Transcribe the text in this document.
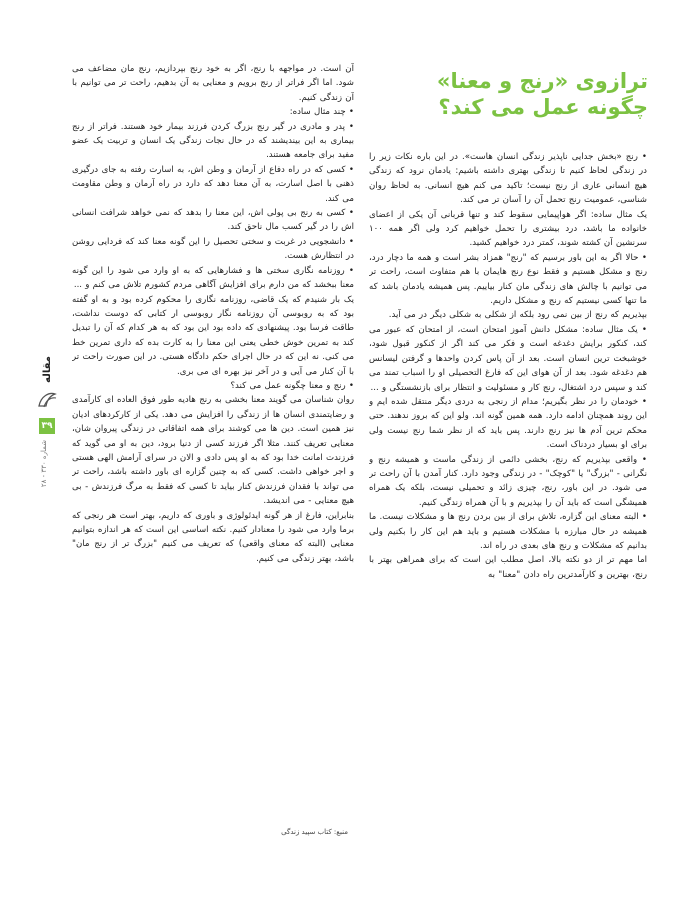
ترازوی «رنج و معنا»
چگونه عمل می کند؟

• رنج «بخش جدایی ناپذیر زندگی انسان هاست». در این باره نکات زیر را در زندگی لحاظ کنیم تا زندگی بهتری داشته باشیم: یادمان نرود که زندگی هیچ انسانی عاری از رنج نیست؛ تاکید می کنم هیچ انسانی. به لحاظ روان شناسی، عمومیت رنج تحمل آن را آسان تر می کند.

یک مثال ساده: اگر هواپیمایی سقوط کند و تنها قربانی آن یکی از اعضای خانواده ما باشد، درد بیشتری را تحمل خواهیم کرد ولی اگر همه ۱۰۰ سرنشین آن کشته شوند، کمتر درد خواهیم کشید.

• حالا اگر به این باور برسیم که "رنج" همزاد بشر است و همه ما دچار درد، رنج و مشکل هستیم و فقط نوع رنج هایمان با هم متفاوت است، راحت تر می توانیم با چالش های زندگی مان کنار بیاییم. پس همیشه یادمان باشد که ما تنها کسی نیستیم که رنج و مشکل داریم.

بپذیریم که رنج از بین نمی رود بلکه از شکلی به شکلی دیگر در می آید.

• یک مثال ساده: مشکل دانش آموز امتحان است، از امتحان که عبور می کند، کنکور برایش دغدغه است و فکر می کند اگر از کنکور قبول شود، خوشبخت ترین انسان است. بعد از آن پاس کردن واحدها و گرفتن لیسانس هم دغدغه شود. بعد از آن هوای این که فارغ التحصیلی او را اسباب تمند می کند و سپس درد اشتغال، رنج کار و مسئولیت و انتظار برای بازنشستگی و ...

• خودمان را در نظر بگیریم؛ مدام از رنجی به دردی دیگر منتقل شده ایم و این روند همچنان ادامه دارد. همه همین گونه اند. ولو این که بروز ندهند. حتی محکم ترین آدم ها نیز رنج دارند. پس باید که از نظر شما رنج نیست ولی برای او بسیار دردناک است.

• واقعی بپذیریم که رنج، بخشی دائمی از زندگی ماست و همیشه رنج و نگرانی - "بزرگ" یا "کوچک" - در زندگی وجود دارد. کنار آمدن با آن راحت تر می شود. در این باور، رنج، چیزی زائد و تحمیلی نیست، بلکه یک همراه همیشگی است که باید آن را بپذیریم و با آن همراه زندگی کنیم.

• البته معنای این گزاره، تلاش برای از بین بردن رنج ها و مشکلات نیست. ما همیشه در حال مبارزه با مشکلات هستیم و باید هم این کار را بکنیم ولی بدانیم که مشکلات و رنج های بعدی در راه اند.

اما مهم تر از دو نکته بالا، اصل مطلب این است که برای همراهی بهتر با رنج، بهترین و کارآمدترین راه دادن "معنا" به

آن است. در مواجهه با رنج، اگر به خود رنج بپردازیم، رنج مان مضاعف می شود. اما اگر فراتر از رنج برویم و معنایی به آن بدهیم، راحت تر می توانیم با آن زندگی کنیم.

• چند مثال ساده:

• پدر و مادری در گیر رنج بزرگ کردن فرزند بیمار خود هستند. فراتر از رنج بیماری به این بیندیشند که در حال نجات زندگی یک انسان و تربیت یک عضو مفید برای جامعه هستند.

• کسی که در راه دفاع از آرمان و وطن اش، به اسارت رفته به جای درگیری ذهنی با اصل اسارت، به آن معنا دهد که دارد در راه آرمان و وطن مقاومت می کند.

• کسی به رنج بی پولی اش، این معنا را بدهد که نمی خواهد شرافت انسانی اش را در گیر کسب مال ناحق کند.

• دانشجویی در غربت و سختی تحصیل را این گونه معنا کند که فردایی روشن در انتظارش هست.

• روزنامه نگاری سختی ها و فشارهایی که به او وارد می شود را این گونه معنا ببخشد که من دارم برای افزایش آگاهی مردم کشورم تلاش می کنم و ...

یک بار شنیدم که یک قاضی، روزنامه نگاری را محکوم کرده بود و به او گفته بود که به روبوسی آن روزنامه نگار روبوسی ار کتابی که دوست نداشت، طاقت فرسا بود. پیشنهادی که داده بود این بود که به هر کدام که آن را تبدیل کند به تمرین خوش خطی یعنی این معنا را به کارت بده که داری تمرین خط می کنی. نه این که در حال اجرای حکم دادگاه هستی. در این صورت راحت تر با آن کنار می آیی و در آخر نیز بهره ای می بری.

• رنج و معنا چگونه عمل می کند؟

روان شناسان می گویند معنا بخشی به رنج هادیه طور فوق العاده ای کارآمدی و رضایتمندی انسان ها از زندگی را افزایش می دهد. یکی از کارکردهای ادیان نیز همین است. دین ها می کوشند برای همه اتفاقاتی در زندگی پیروان شان، معنایی تعریف کنند. مثلا اگر فرزند کسی از دنیا برود، دین به او می گوید که فرزندت امانت خدا بود که به او پس دادی و الان در سرای آرامش الهی هستی و اجر خواهی داشت. کسی که به چنین گزاره ای باور داشته باشد، راحت تر می تواند با فقدان فرزندش کنار بیاید تا کسی که فقط به مرگ فرزندش - بی هیچ معنایی - می اندیشد.

بنابراین، فارغ از هر گونه ایدئولوژی و باوری که داریم، بهتر است هر رنجی که برما وارد می شود را معنادار کنیم. نکته اساسی این است که هر اندازه بتوانیم معنایی (البته که معنای واقعی) که تعریف می کنیم "بزرگ تر از رنج مان" باشد، بهتر زندگی می کنیم.

منبع: کتاب سپید زندگی
مقاله
۳۹
شماره ۳۳۰ - ۲۸
